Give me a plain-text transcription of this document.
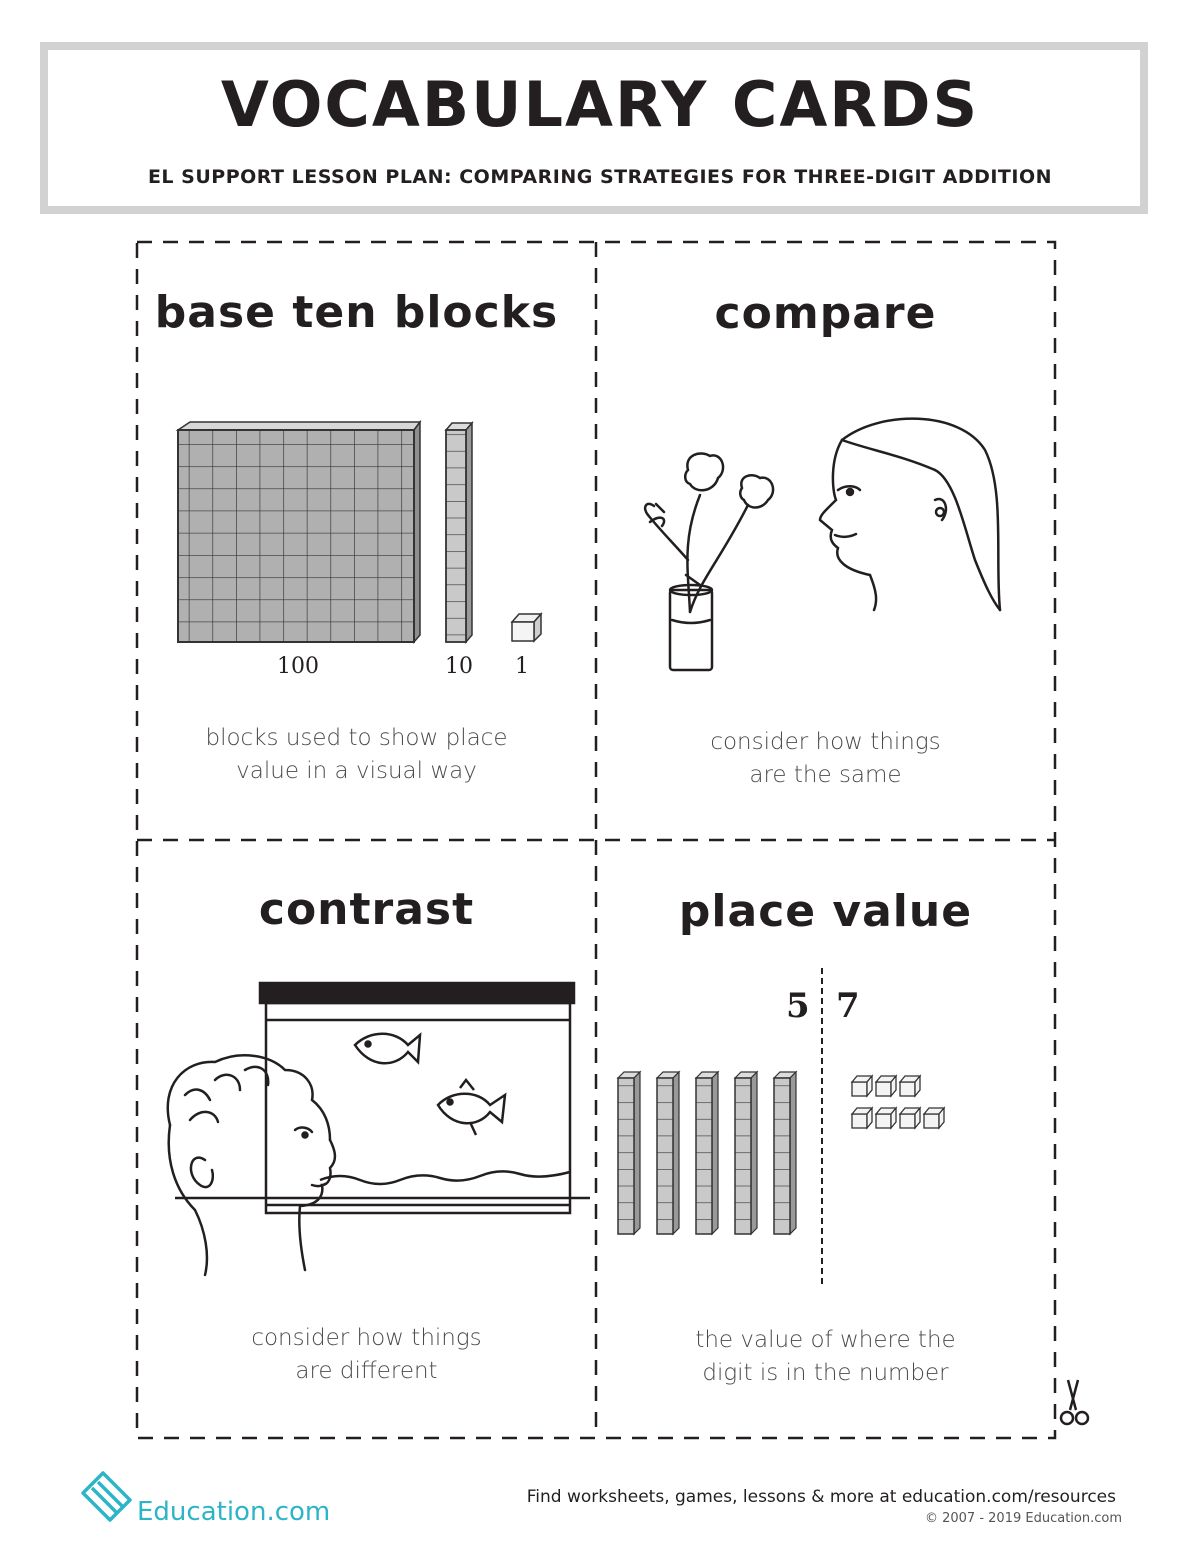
VOCABULARY CARDS
EL SUPPORT LESSON PLAN: COMPARING STRATEGIES FOR THREE-DIGIT ADDITION
base ten blocks
100	10 1
blocks used to show place
value in a visual way
compare
consider how things
are the same
contrast
consider how things
are different
place value
5 7
the value of where the
digit is in the number
Education.com	Find worksheets, games, lessons & more at education.com/resources
© 2007 - 2019 Education.com
